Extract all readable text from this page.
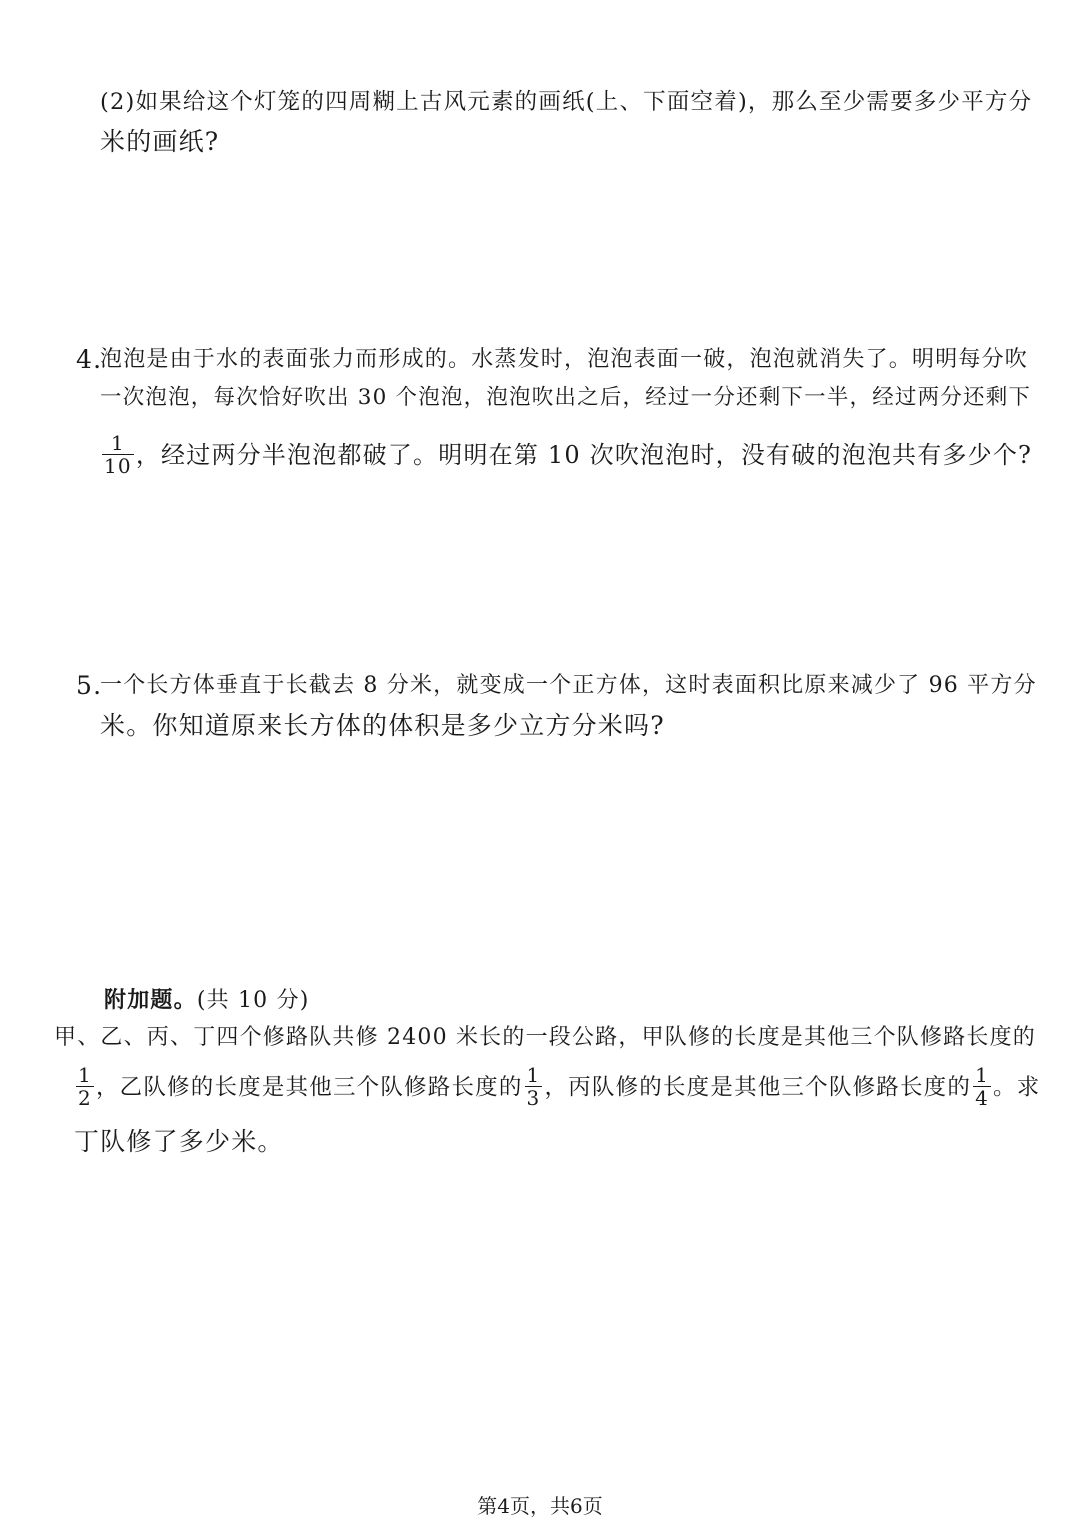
(2)如果给这个灯笼的四周糊上古风元素的画纸(上、下面空着)，那么至少需要多少平方分
米的画纸?
4.
泡泡是由于水的表面张力而形成的。水蒸发时，泡泡表面一破，泡泡就消失了。明明每分吹
一次泡泡，每次恰好吹出 30 个泡泡，泡泡吹出之后，经过一分还剩下一半，经过两分还剩下
$\frac{1}{10}$ ，经过两分半泡泡都破了。明明在第 10 次吹泡泡时，没有破的泡泡共有多少个?
5.
一个长方体垂直于长截去 8 分米，就变成一个正方体，这时表面积比原来减少了 96 平方分
米。你知道原来长方体的体积是多少立方分米吗?
附加题。(共 10 分)
甲、乙、丙、丁四个修路队共修 2400 米长的一段公路，甲队修的长度是其他三个队修路长度的
$\frac{1}{2}$ ，乙队修的长度是其他三个队修路长度的 $\frac{1}{3}$ ，丙队修的长度是其他三个队修路长度的 $\frac{1}{4}$ 。求
丁队修了多少米。
第4页，共6页
